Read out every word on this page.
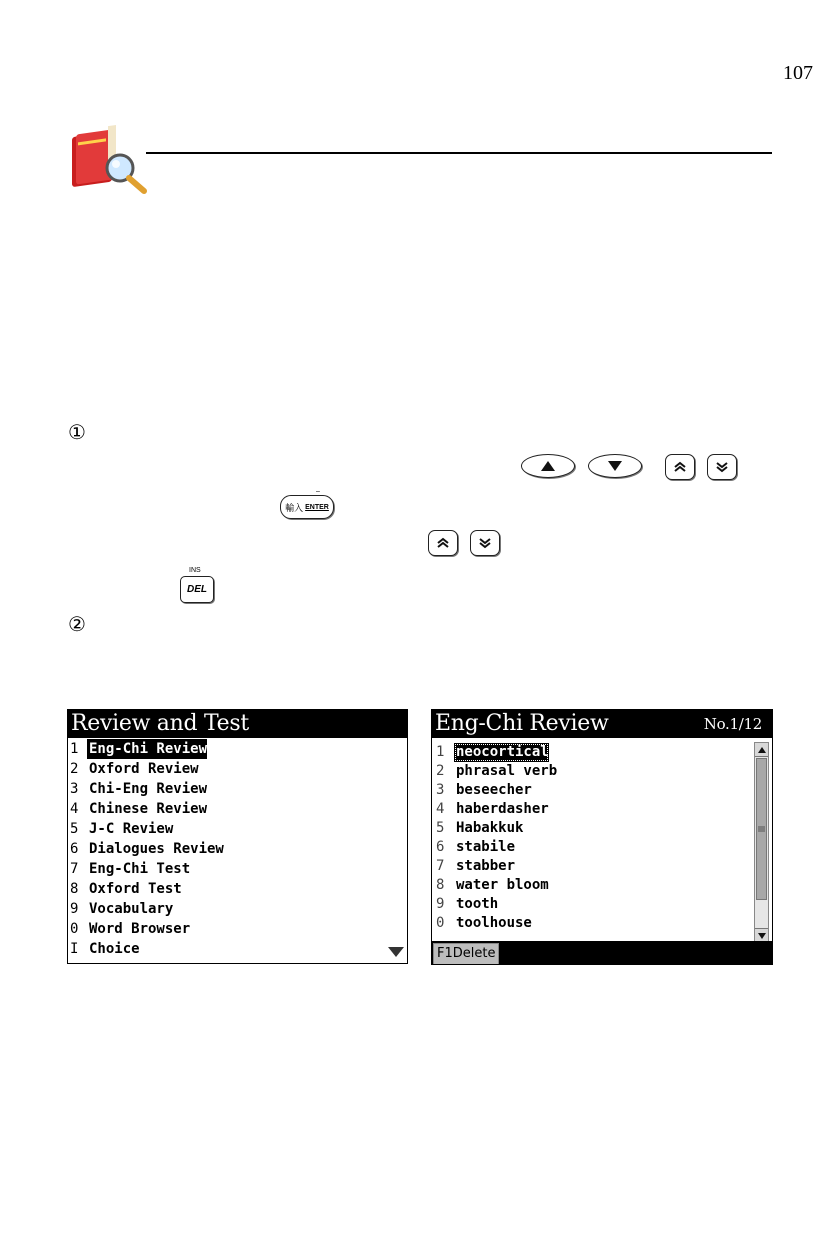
107
①
②
–
輸入 ENTER
INS
DEL
Review and Test
1 Eng-Chi Review
2 Oxford Review
3 Chi-Eng Review
4 Chinese Review
5 J-C Review
6 Dialogues Review
7 Eng-Chi Test
8 Oxford Test
9 Vocabulary
0 Word Browser
I Choice
Eng-Chi Review	No.1/12
1 neocortical
2 phrasal verb
3 beseecher
4 haberdasher
5 Habakkuk
6 stabile
7 stabber
8 water bloom
9 tooth
0 toolhouse
F1Delete
